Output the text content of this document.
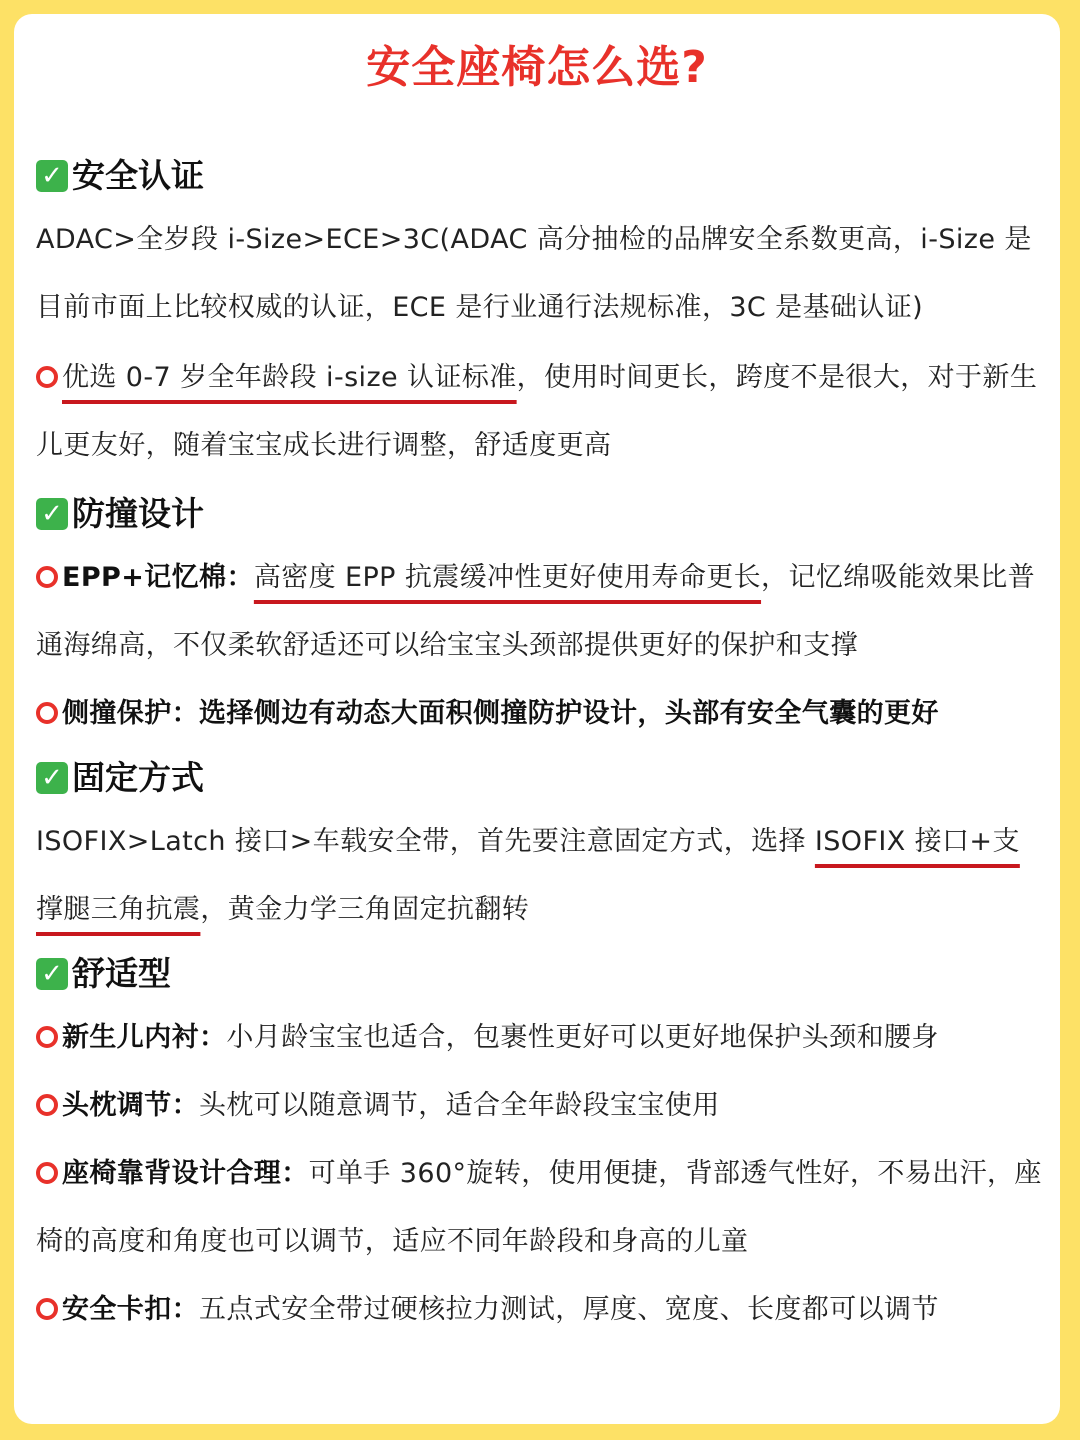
安全座椅怎么选?
✓ 安全认证
ADAC>全岁段 i-Size>ECE>3C(ADAC 高分抽检的品牌安全系数更高，i-Size 是目前市面上比较权威的认证，ECE 是行业通行法规标准，3C 是基础认证)
优选 0-7 岁全年龄段 i-size 认证标准，使用时间更长，跨度不是很大，对于新生儿更友好，随着宝宝成长进行调整，舒适度更高
✓ 防撞设计
EPP+记忆棉：高密度 EPP 抗震缓冲性更好使用寿命更长，记忆绵吸能效果比普通海绵高，不仅柔软舒适还可以给宝宝头颈部提供更好的保护和支撑
侧撞保护：选择侧边有动态大面积侧撞防护设计，头部有安全气囊的更好
✓ 固定方式
ISOFIX>Latch 接口>车载安全带，首先要注意固定方式，选择 ISOFIX 接口+支撑腿三角抗震，黄金力学三角固定抗翻转
✓ 舒适型
新生儿内衬：小月龄宝宝也适合，包裹性更好可以更好地保护头颈和腰身
头枕调节：头枕可以随意调节，适合全年龄段宝宝使用
座椅靠背设计合理：可单手 360°旋转，使用便捷，背部透气性好，不易出汗，座椅的高度和角度也可以调节，适应不同年龄段和身高的儿童
安全卡扣：五点式安全带过硬核拉力测试，厚度、宽度、长度都可以调节
